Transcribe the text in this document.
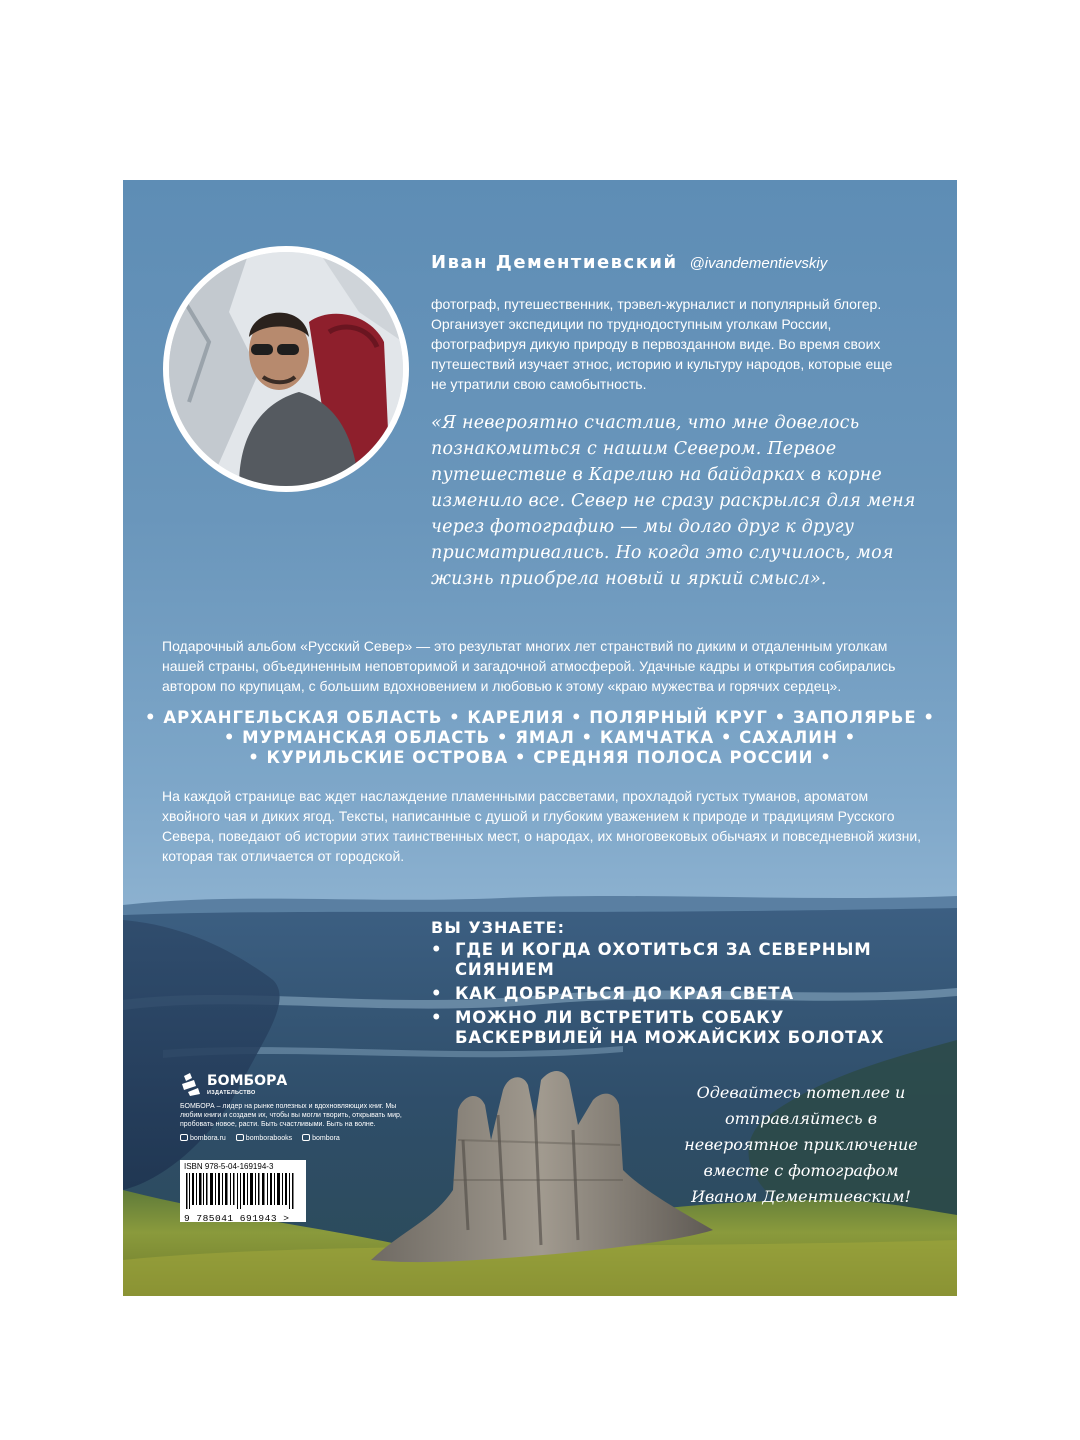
Иван Дементиевский @ivandementievskiy

фотограф, путешественник, трэвел-журналист и популярный блогер. Организует экспедиции по труднодоступным уголкам России, фотографируя дикую природу в первозданном виде. Во время своих путешествий изучает этнос, историю и культуру народов, которые еще не утратили свою самобытность.

«Я невероятно счастлив, что мне довелось познакомиться с нашим Севером. Первое путешествие в Карелию на байдарках в корне изменило все. Север не сразу раскрылся для меня через фотографию — мы долго друг к другу присматривались. Но когда это случилось, моя жизнь приобрела новый и яркий смысл».

Подарочный альбом «Русский Север» — это результат многих лет странствий по диким и отдаленным уголкам нашей страны, объединенным неповторимой и загадочной атмосферой. Удачные кадры и открытия собирались автором по крупицам, с большим вдохновением и любовью к этому «краю мужества и горячих сердец».

• АРХАНГЕЛЬСКАЯ ОБЛАСТЬ • КАРЕЛИЯ • ПОЛЯРНЫЙ КРУГ • ЗАПОЛЯРЬЕ •
• МУРМАНСКАЯ ОБЛАСТЬ • ЯМАЛ • КАМЧАТКА • САХАЛИН •
• КУРИЛЬСКИЕ ОСТРОВА • СРЕДНЯЯ ПОЛОСА РОССИИ •

На каждой странице вас ждет наслаждение пламенными рассветами, прохладой густых туманов, ароматом хвойного чая и диких ягод. Тексты, написанные с душой и глубоким уважением к природе и традициям Русского Севера, поведают об истории этих таинственных мест, о народах, их многовековых обычаях и повседневной жизни, которая так отличается от городской.

ВЫ УЗНАЕТЕ:
• ГДЕ И КОГДА ОХОТИТЬСЯ ЗА СЕВЕРНЫМ СИЯНИЕМ
• КАК ДОБРАТЬСЯ ДО КРАЯ СВЕТА
• МОЖНО ЛИ ВСТРЕТИТЬ СОБАКУ БАСКЕРВИЛЕЙ НА МОЖАЙСКИХ БОЛОТАХ
БОМБОРА
ИЗДАТЕЛЬСТВО

БОМБОРА – лидер на рынке полезных и вдохновляющих книг. Мы любим книги и создаем их, чтобы вы могли творить, открывать мир, пробовать новое, расти. Быть счастливыми. Быть на волне.

bombora.ru	bomborabooks	bombora
ISBN 978-5-04-169194-3
9 785041 691943 >

Одевайтесь потеплее и отправляйтесь в невероятное приключение вместе с фотографом Иваном Дементиевским!
